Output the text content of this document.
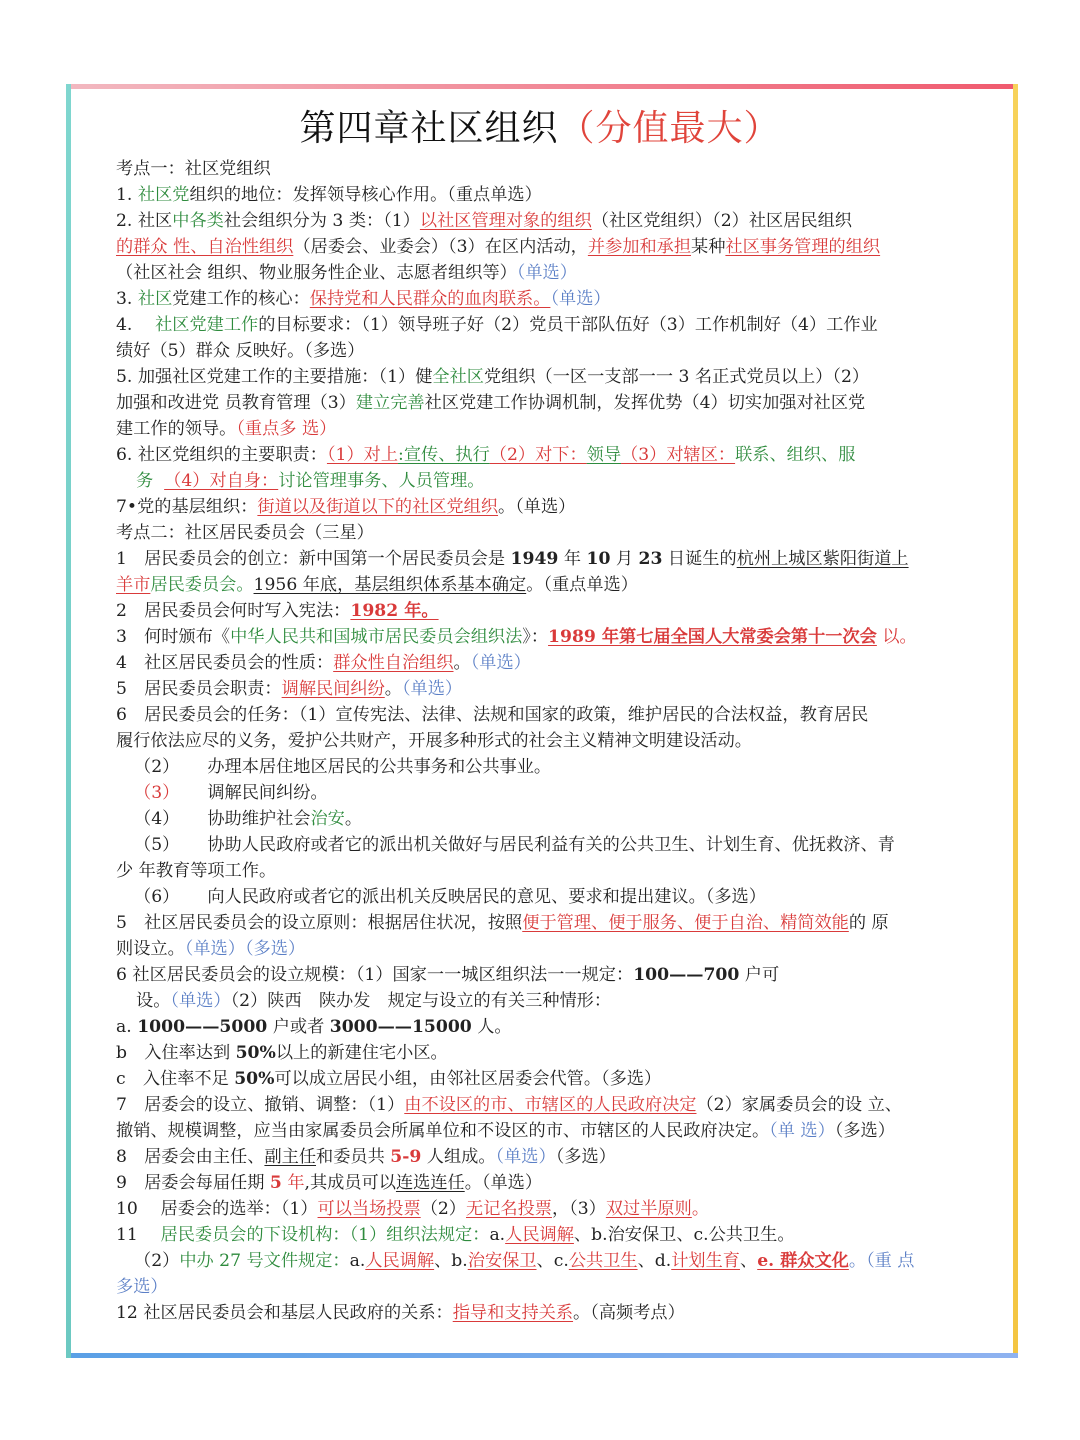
第四章社区组织（分值最大）

考点一：社区党组织

1. 社区党组织的地位：发挥领导核心作用。（重点单选）

2. 社区中各类社会组织分为 3 类：（1）以社区管理对象的组织（社区党组织）（2）社区居民组织

的群众 性、自治性组织（居委会、业委会）（3）在区内活动，并参加和承担某种社区事务管理的组织

（社区社会 组织、物业服务性企业、志愿者组织等）（单选）

3. 社区党建工作的核心：保持党和人民群众的血肉联系。（单选）

4.　 社区党建工作的目标要求：（1）领导班子好（2）党员干部队伍好（3）工作机制好（4）工作业

绩好（5）群众 反映好。（多选）

5. 加强社区党建工作的主要措施：（1）健全社区党组织（一区一支部一一 3 名正式党员以上）（2）

加强和改进党 员教育管理（3）建立完善社区党建工作协调机制，发挥优势（4）切实加强对社区党

建工作的领导。（重点多 选）

6. 社区党组织的主要职责：（1）对上:宣传、执行（2）对下：领导（3）对辖区：联系、组织、服

务 （4）对自身：讨论管理事务、人员管理。

7•党的基层组织：街道以及街道以下的社区党组织。（单选）

考点二：社区居民委员会（三星）

1　居民委员会的创立：新中国第一个居民委员会是 1949 年 10 月 23 日诞生的杭州上城区紫阳街道上

羊市居民委员会。1956 年底，基层组织体系基本确定。（重点单选）

2　居民委员会何时写入宪法：1982 年。

3　何时颁布《中华人民共和国城市居民委员会组织法》：1989 年第七届全国人大常委会第十一次会 以。

4　社区居民委员会的性质：群众性自治组织。（单选）

5　居民委员会职责：调解民间纠纷。（单选）

6　居民委员会的任务：（1）宣传宪法、法律、法规和国家的政策，维护居民的合法权益，教育居民

履行依法应尽的义务，爱护公共财产，开展多种形式的社会主义精神文明建设活动。

（2） 办理本居住地区居民的公共事务和公共事业。

（3） 调解民间纠纷。

（4） 协助维护社会治安。

（5） 协助人民政府或者它的派出机关做好与居民利益有关的公共卫生、计划生育、优抚救济、青

少 年教育等项工作。

（6） 向人民政府或者它的派出机关反映居民的意见、要求和提出建议。（多选）

5　社区居民委员会的设立原则：根据居住状况，按照便于管理、便于服务、便于自治、精简效能的 原

则设立。（单选）（多选）

6 社区居民委员会的设立规模：（1）国家一一城区组织法一一规定：100——700 户可

设。（单选）（2）陕西　陕办发　规定与设立的有关三种情形：

a. 1000——5000 户或者 3000——15000 人。

b　入住率达到 50%以上的新建住宅小区。

c　入住率不足 50%可以成立居民小组，由邻社区居委会代管。（多选）

7　居委会的设立、撤销、调整：（1）由不设区的市、市辖区的人民政府决定（2）家属委员会的设 立、

撤销、规模调整，应当由家属委员会所属单位和不设区的市、市辖区的人民政府决定。（单 选）（多选）

8　居委会由主任、副主任和委员共 5-9 人组成。（单选）（多选）

9　居委会每届任期 5 年,其成员可以连选连任。（单选）

10　 居委会的选举：（1）可以当场投票（2）无记名投票，（3）双过半原则。

11　 居民委员会的下设机构：（1）组织法规定：a.人民调解、b.治安保卫、c.公共卫生。

（2）中办 27 号文件规定：a.人民调解、b.治安保卫、c.公共卫生、d.计划生育、e. 群众文化。（重 点

多选）

12 社区居民委员会和基层人民政府的关系：指导和支持关系。（高频考点）
